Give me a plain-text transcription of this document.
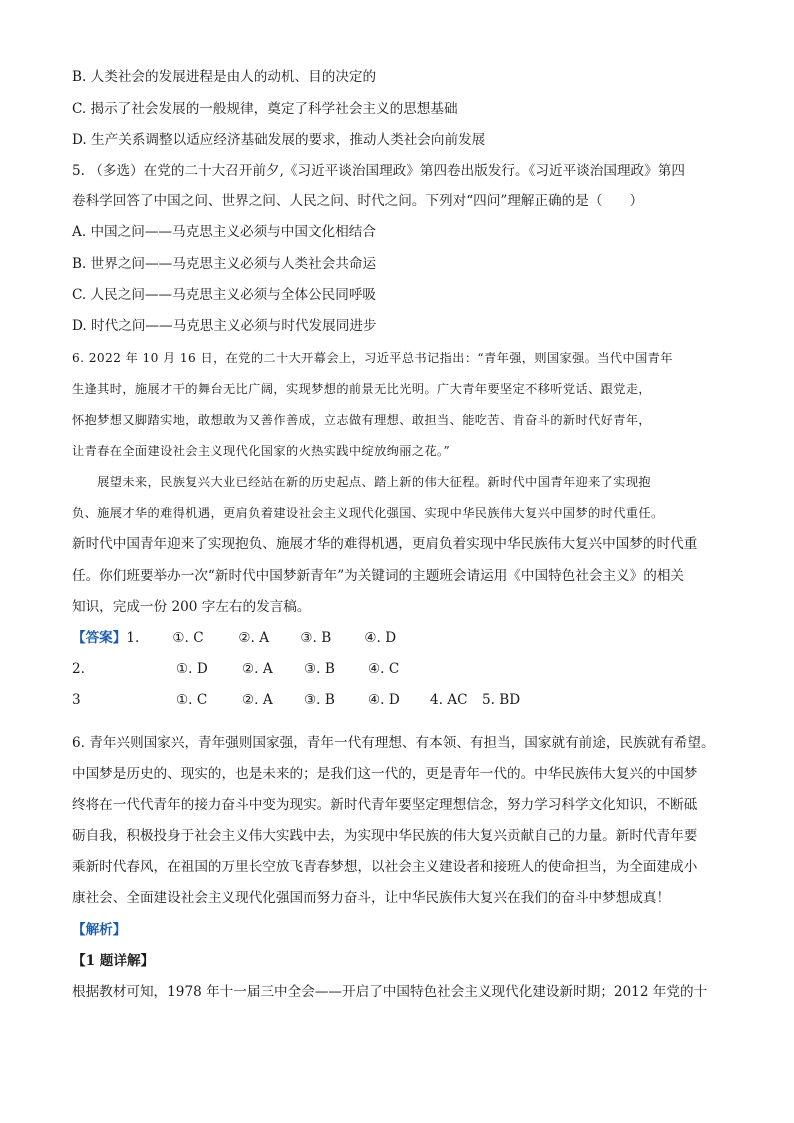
B. 人类社会的发展进程是由人的动机、目的决定的
C. 揭示了社会发展的一般规律，奠定了科学社会主义的思想基础
D. 生产关系调整以适应经济基础发展的要求，推动人类社会向前发展
5. （多选）在党的二十大召开前夕,《习近平谈治国理政》第四卷出版发行。《习近平谈治国理政》第四
卷科学回答了中国之问、世界之问、人民之问、时代之问。下列对“四问”理解正确的是（　　）
A. 中国之问——马克思主义必须与中国文化相结合
B. 世界之问——马克思主义必须与人类社会共命运
C. 人民之问——马克思主义必须与全体公民同呼吸
D. 时代之问——马克思主义必须与时代发展同进步
6. 2022 年 10 月 16 日，在党的二十大开幕会上，习近平总书记指出：“青年强，则国家强。当代中国青年
生逢其时，施展才干的舞台无比广阔，实现梦想的前景无比光明。广大青年要坚定不移听党话、跟党走，
怀抱梦想又脚踏实地，敢想敢为又善作善成，立志做有理想、敢担当、能吃苦、肯奋斗的新时代好青年，
让青春在全面建设社会主义现代化国家的火热实践中绽放绚丽之花。”
　　展望未来，民族复兴大业已经站在新的历史起点、踏上新的伟大征程。新时代中国青年迎来了实现抱
负、施展才华的难得机遇，更肩负着建设社会主义现代化强国、实现中华民族伟大复兴中国梦的时代重任。
新时代中国青年迎来了实现抱负、施展才华的难得机遇，更肩负着实现中华民族伟大复兴中国梦的时代重
任。你们班要举办一次“新时代中国梦新青年”为关键词的主题班会请运用《中国特色社会主义》的相关
知识，完成一份 200 字左右的发言稿。
【答案】1. ①. C	②. A ③. B ④. D
2.	①. D	②. A ③. B ④. C
3	①. C	②. A ③. B ④. D 4. AC 5. BD
6. 青年兴则国家兴，青年强则国家强，青年一代有理想、有本领、有担当，国家就有前途，民族就有希望。
中国梦是历史的、现实的，也是未来的；是我们这一代的，更是青年一代的。中华民族伟大复兴的中国梦
终将在一代代青年的接力奋斗中变为现实。新时代青年要坚定理想信念，努力学习科学文化知识，不断砥
砺自我，积极投身于社会主义伟大实践中去，为实现中华民族的伟大复兴贡献自己的力量。新时代青年要
乘新时代春风，在祖国的万里长空放飞青春梦想，以社会主义建设者和接班人的使命担当，为全面建成小
康社会、全面建设社会主义现代化强国而努力奋斗，让中华民族伟大复兴在我们的奋斗中梦想成真！
【解析】
【1 题详解】
根据教材可知，1978 年十一届三中全会——开启了中国特色社会主义现代化建设新时期；2012 年党的十
